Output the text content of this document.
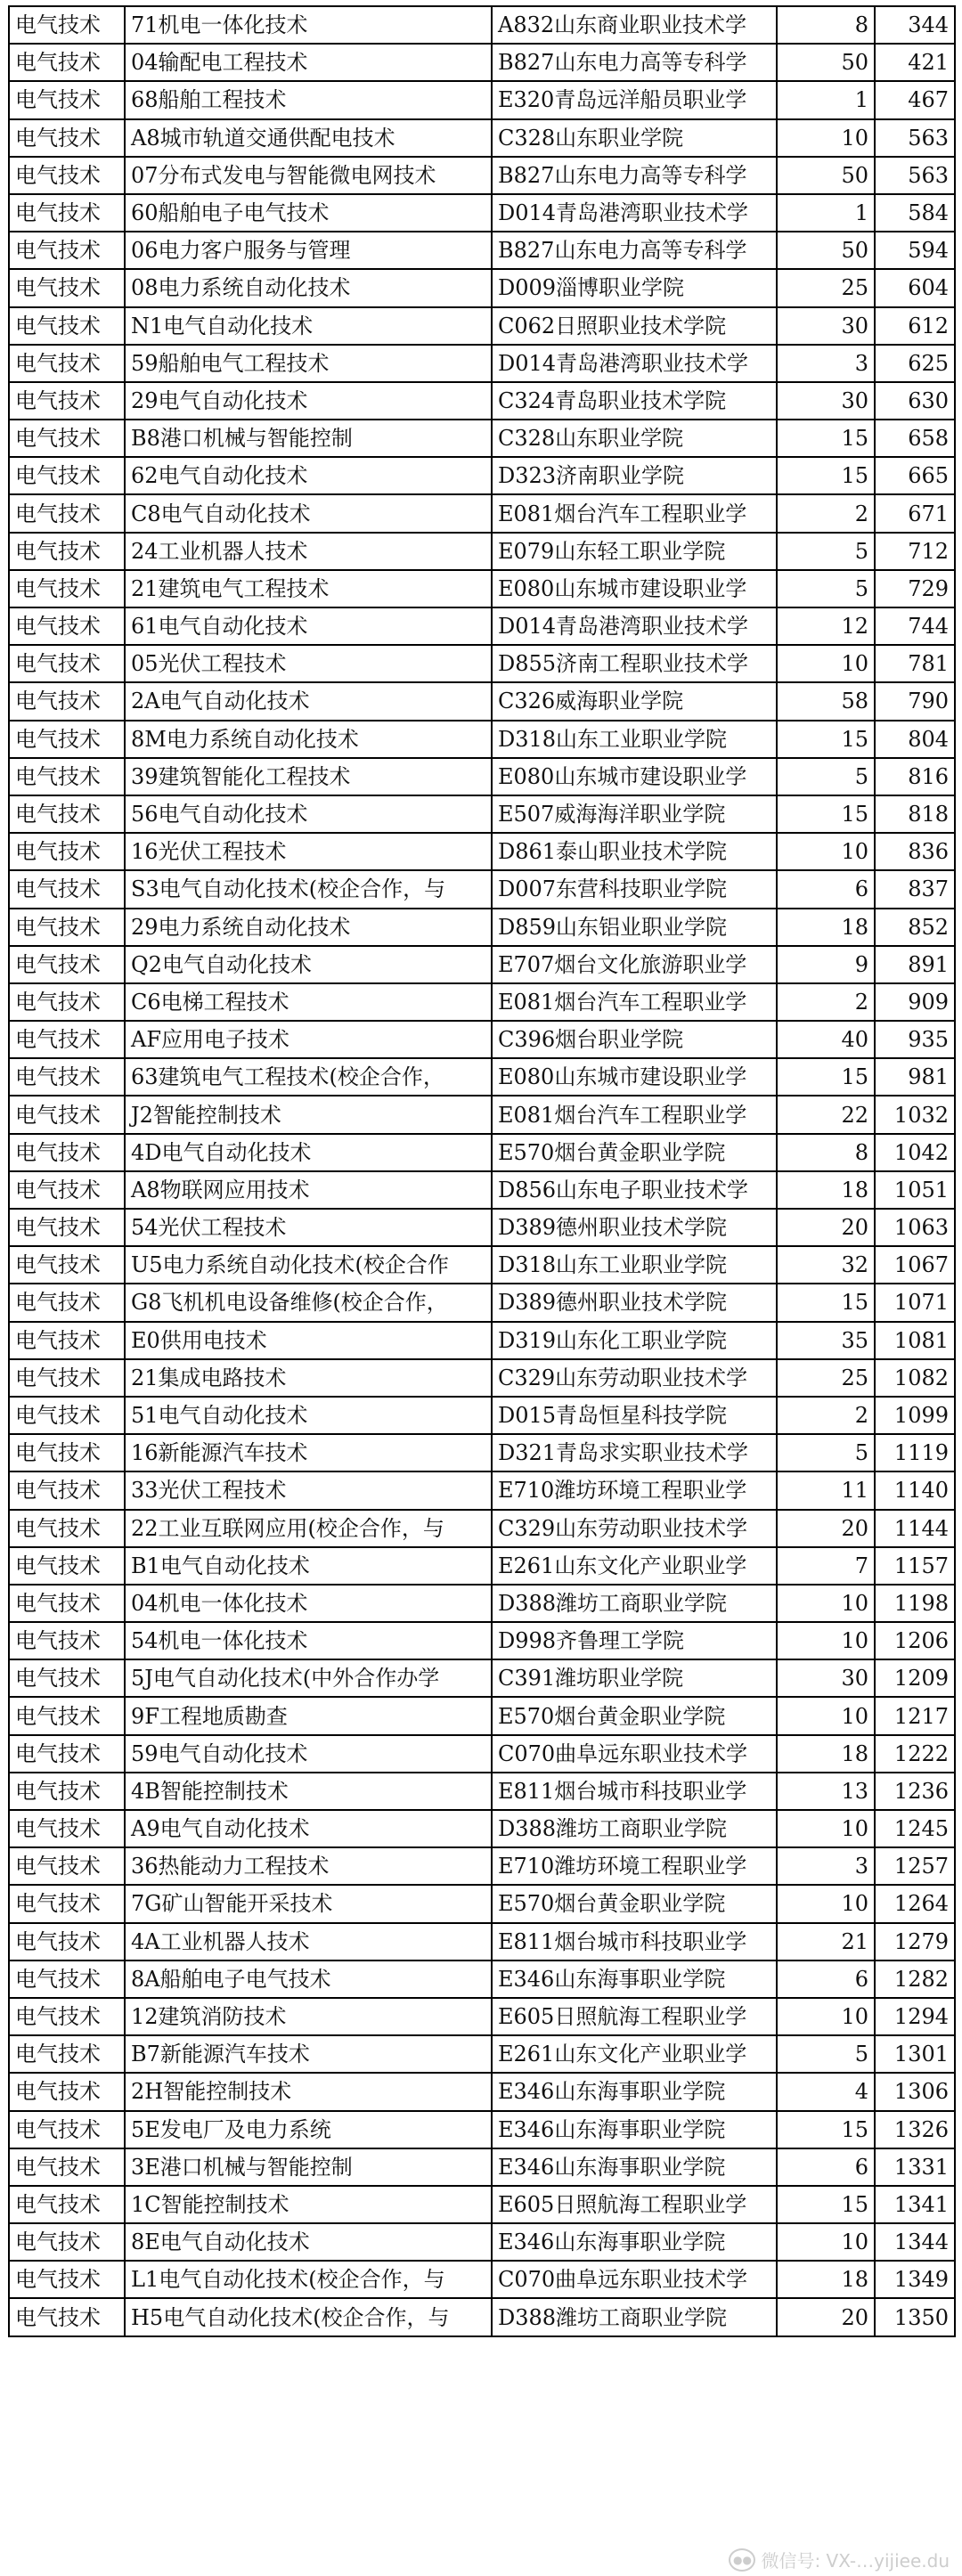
电气技术	71机电一体化技术	A832山东商业职业技术学	8	344
电气技术	04输配电工程技术	B827山东电力高等专科学	50	421
电气技术	68船舶工程技术	E320青岛远洋船员职业学	1	467
电气技术	A8城市轨道交通供配电技术	C328山东职业学院	10	563
电气技术	07分布式发电与智能微电网技术	B827山东电力高等专科学	50	563
电气技术	60船舶电子电气技术	D014青岛港湾职业技术学	1	584
电气技术	06电力客户服务与管理	B827山东电力高等专科学	50	594
电气技术	08电力系统自动化技术	D009淄博职业学院	25	604
电气技术	N1电气自动化技术	C062日照职业技术学院	30	612
电气技术	59船舶电气工程技术	D014青岛港湾职业技术学	3	625
电气技术	29电气自动化技术	C324青岛职业技术学院	30	630
电气技术	B8港口机械与智能控制	C328山东职业学院	15	658
电气技术	62电气自动化技术	D323济南职业学院	15	665
电气技术	C8电气自动化技术	E081烟台汽车工程职业学	2	671
电气技术	24工业机器人技术	E079山东轻工职业学院	5	712
电气技术	21建筑电气工程技术	E080山东城市建设职业学	5	729
电气技术	61电气自动化技术	D014青岛港湾职业技术学	12	744
电气技术	05光伏工程技术	D855济南工程职业技术学	10	781
电气技术	2A电气自动化技术	C326威海职业学院	58	790
电气技术	8M电力系统自动化技术	D318山东工业职业学院	15	804
电气技术	39建筑智能化工程技术	E080山东城市建设职业学	5	816
电气技术	56电气自动化技术	E507威海海洋职业学院	15	818
电气技术	16光伏工程技术	D861泰山职业技术学院	10	836
电气技术	S3电气自动化技术(校企合作，与	D007东营科技职业学院	6	837
电气技术	29电力系统自动化技术	D859山东铝业职业学院	18	852
电气技术	Q2电气自动化技术	E707烟台文化旅游职业学	9	891
电气技术	C6电梯工程技术	E081烟台汽车工程职业学	2	909
电气技术	AF应用电子技术	C396烟台职业学院	40	935
电气技术	63建筑电气工程技术(校企合作，	E080山东城市建设职业学	15	981
电气技术	J2智能控制技术	E081烟台汽车工程职业学	22	1032
电气技术	4D电气自动化技术	E570烟台黄金职业学院	8	1042
电气技术	A8物联网应用技术	D856山东电子职业技术学	18	1051
电气技术	54光伏工程技术	D389德州职业技术学院	20	1063
电气技术	U5电力系统自动化技术(校企合作	D318山东工业职业学院	32	1067
电气技术	G8飞机机电设备维修(校企合作，	D389德州职业技术学院	15	1071
电气技术	E0供用电技术	D319山东化工职业学院	35	1081
电气技术	21集成电路技术	C329山东劳动职业技术学	25	1082
电气技术	51电气自动化技术	D015青岛恒星科技学院	2	1099
电气技术	16新能源汽车技术	D321青岛求实职业技术学	5	1119
电气技术	33光伏工程技术	E710潍坊环境工程职业学	11	1140
电气技术	22工业互联网应用(校企合作，与	C329山东劳动职业技术学	20	1144
电气技术	B1电气自动化技术	E261山东文化产业职业学	7	1157
电气技术	04机电一体化技术	D388潍坊工商职业学院	10	1198
电气技术	54机电一体化技术	D998齐鲁理工学院	10	1206
电气技术	5J电气自动化技术(中外合作办学	C391潍坊职业学院	30	1209
电气技术	9F工程地质勘查	E570烟台黄金职业学院	10	1217
电气技术	59电气自动化技术	C070曲阜远东职业技术学	18	1222
电气技术	4B智能控制技术	E811烟台城市科技职业学	13	1236
电气技术	A9电气自动化技术	D388潍坊工商职业学院	10	1245
电气技术	36热能动力工程技术	E710潍坊环境工程职业学	3	1257
电气技术	7G矿山智能开采技术	E570烟台黄金职业学院	10	1264
电气技术	4A工业机器人技术	E811烟台城市科技职业学	21	1279
电气技术	8A船舶电子电气技术	E346山东海事职业学院	6	1282
电气技术	12建筑消防技术	E605日照航海工程职业学	10	1294
电气技术	B7新能源汽车技术	E261山东文化产业职业学	5	1301
电气技术	2H智能控制技术	E346山东海事职业学院	4	1306
电气技术	5E发电厂及电力系统	E346山东海事职业学院	15	1326
电气技术	3E港口机械与智能控制	E346山东海事职业学院	6	1331
电气技术	1C智能控制技术	E605日照航海工程职业学	15	1341
电气技术	8E电气自动化技术	E346山东海事职业学院	10	1344
电气技术	L1电气自动化技术(校企合作，与	C070曲阜远东职业技术学	18	1349
电气技术	H5电气自动化技术(校企合作，与	D388潍坊工商职业学院	20	1350
●● 微信号: VX-…yijiee.du
